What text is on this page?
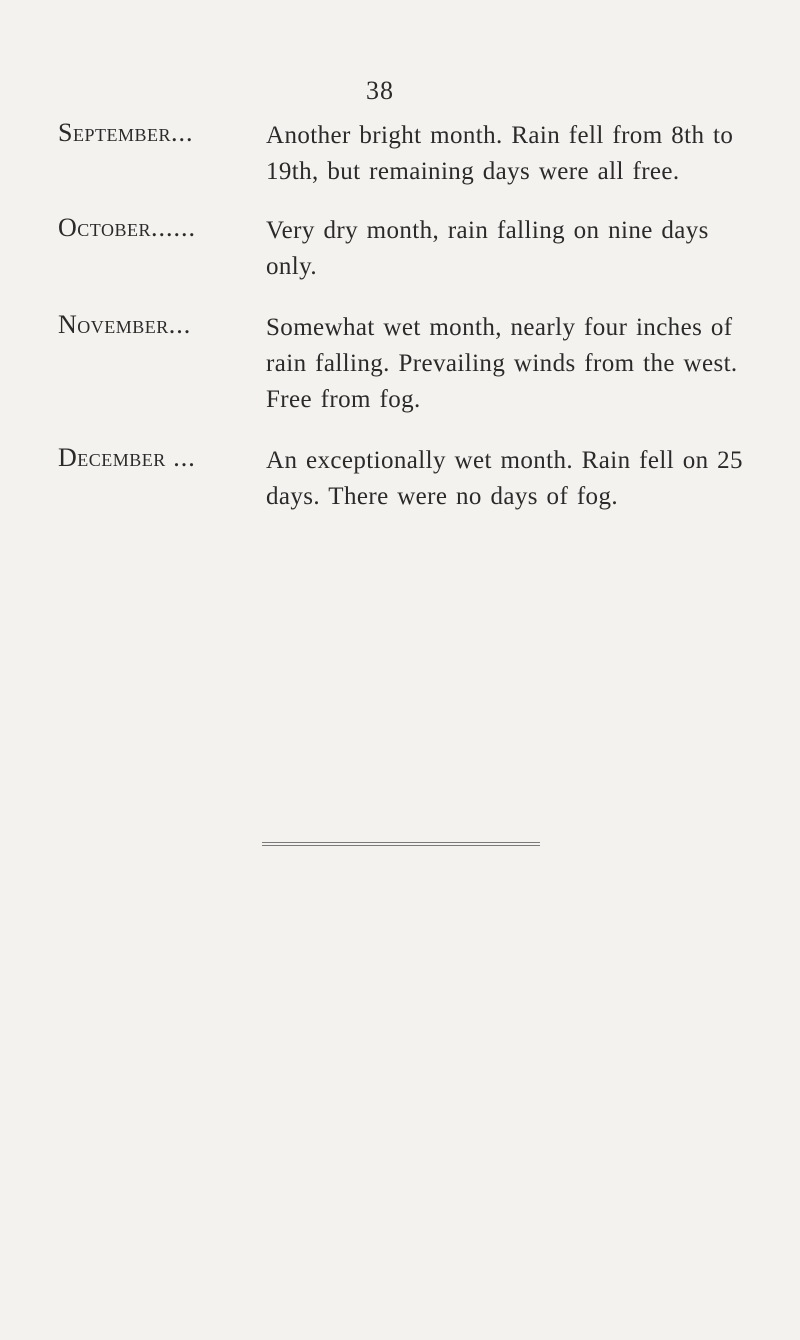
38
September...	Another bright month. Rain fell from 8th to 19th, but remaining days were all free.
October......	Very dry month, rain falling on nine days only.
November...	Somewhat wet month, nearly four inches of rain falling. Prevailing winds from the west. Free from fog.
December ...	An exceptionally wet month. Rain fell on 25 days. There were no days of fog.
